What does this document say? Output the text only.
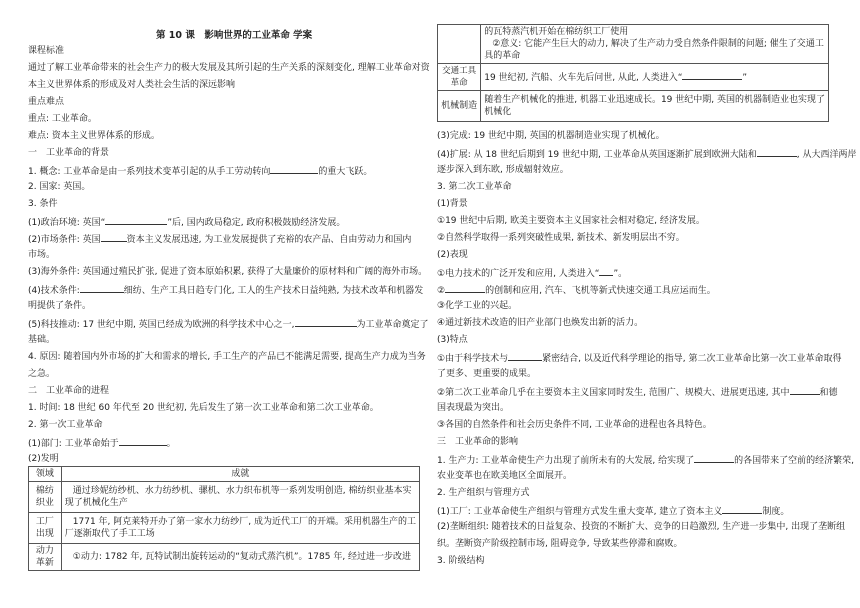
第 10 课　影响世界的工业革命 学案
课程标准
通过了解工业革命带来的社会生产力的极大发展及其所引起的生产关系的深刻变化, 理解工业革命对资
本主义世界体系的形成及对人类社会生活的深远影响
重点难点
重点: 工业革命。
难点: 资本主义世界体系的形成。
一　工业革命的背景
1. 概念: 工业革命是由一系列技术变革引起的从手工劳动转向	的重大飞跃。
2. 国家: 英国。
3. 条件
(1)政治环境: 英国“	”后, 国内政局稳定, 政府积极鼓励经济发展。
(2)市场条件: 英国	资本主义发展迅速, 为工业发展提供了充裕的农产品、自由劳动力和国内
市场。
(3)海外条件: 英国通过殖民扩张, 促进了资本原始积累, 获得了大量廉价的原材料和广阔的海外市场。
(4)技术条件:	细纺、生产工具日趋专门化, 工人的生产技术日益纯熟, 为技术改革和机器发
明提供了条件。
(5)科技推动: 17 世纪中期, 英国已经成为欧洲的科学技术中心之一,	为工业革命奠定了
基础。
4. 原因: 随着国内外市场的扩大和需求的增长, 手工生产的产品已不能满足需要, 提高生产力成为当务
之急。
二　工业革命的进程
1. 时间: 18 世纪 60 年代至 20 世纪初, 先后发生了第一次工业革命和第二次工业革命。
2. 第一次工业革命
(1)部门: 工业革命始于	。
(2)发明
领域	成就
棉纺织业	通过珍妮纺纱机、水力纺纱机、骡机、水力织布机等一系列发明创造, 棉纺织业基本实
现了机械化生产

工厂出现	1771 年, 阿克莱特开办了第一家水力纺纱厂, 成为近代工厂的开端。采用机器生产的工
厂逐渐取代了手工工场

动力革新	①动力: 1782 年, 瓦特试制出旋转运动的“复动式蒸汽机”。1785 年, 经过进一步改进

	的瓦特蒸汽机开始在棉纺织工厂使用
②意义: 它能产生巨大的动力, 解决了生产动力受自然条件限制的问题; 催生了交通工
具的革命

交通工具革命	19 世纪初, 汽船、火车先后问世, 从此, 人类进入“ ”

机械制造	随着生产机械化的推进, 机器工业迅速成长。19 世纪中期, 英国的机器制造业也实现了
机械化
(3)完成: 19 世纪中期, 英国的机器制造业实现了机械化。
(4)扩展: 从 18 世纪后期到 19 世纪中期, 工业革命从英国逐渐扩展到欧洲大陆和	, 从大西洋两岸
逐步深入到东欧, 形成辐射效应。
3. 第二次工业革命
(1)背景
①19 世纪中后期, 欧美主要资本主义国家社会相对稳定, 经济发展。
②自然科学取得一系列突破性成果, 新技术、新发明层出不穷。
(2)表现
①电力技术的广泛开发和应用, 人类进入“ ”。
②	的创制和应用, 汽车、飞机等新式快速交通工具应运而生。
③化学工业的兴起。
④通过新技术改造的旧产业部门也焕发出新的活力。
(3)特点
①由于科学技术与	紧密结合, 以及近代科学理论的指导, 第二次工业革命比第一次工业革命取得
了更多、更重要的成果。
②第二次工业革命几乎在主要资本主义国家同时发生, 范围广、规模大、进展更迅速, 其中	和德
国表现最为突出。
③各国的自然条件和社会历史条件不同, 工业革命的进程也各具特色。
三　工业革命的影响
1. 生产力: 工业革命使生产力出现了前所未有的大发展, 给实现了	的各国带来了空前的经济繁荣,
农业变革也在欧美地区全面展开。
2. 生产组织与管理方式
(1)工厂: 工业革命使生产组织与管理方式发生重大变革, 建立了资本主义	制度。
(2)垄断组织: 随着技术的日益复杂、投资的不断扩大、竞争的日趋激烈, 生产进一步集中, 出现了垄断组
织。垄断资产阶级控制市场, 阻碍竞争, 导致某些停滞和腐败。
3. 阶级结构
